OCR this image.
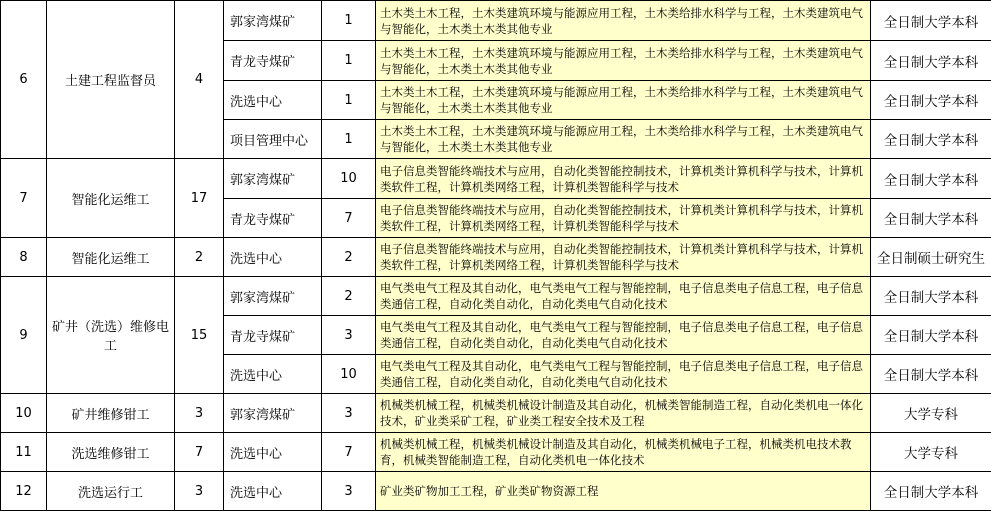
6	土建工程监督员	4	郭家湾煤矿	1	土木类土木工程，土木类建筑环境与能源应用工程，土木类给排水科学与工程，土木类建筑电气与智能化，土木类土木类其他专业	全日制大学本科
			青龙寺煤矿	1	土木类土木工程，土木类建筑环境与能源应用工程，土木类给排水科学与工程，土木类建筑电气与智能化，土木类土木类其他专业	全日制大学本科
			洗选中心	1	土木类土木工程，土木类建筑环境与能源应用工程，土木类给排水科学与工程，土木类建筑电气与智能化，土木类土木类其他专业	全日制大学本科
			项目管理中心	1	土木类土木工程，土木类建筑环境与能源应用工程，土木类给排水科学与工程，土木类建筑电气与智能化，土木类土木类其他专业	全日制大学本科
7	智能化运维工	17	郭家湾煤矿	10	电子信息类智能终端技术与应用，自动化类智能控制技术，计算机类计算机科学与技术，计算机类软件工程，计算机类网络工程，计算机类智能科学与技术	全日制大学本科
			青龙寺煤矿	7	电子信息类智能终端技术与应用，自动化类智能控制技术，计算机类计算机科学与技术，计算机类软件工程，计算机类网络工程，计算机类智能科学与技术	全日制大学本科
8	智能化运维工	2	洗选中心	2	电子信息类智能终端技术与应用，自动化类智能控制技术，计算机类计算机科学与技术，计算机类软件工程，计算机类网络工程，计算机类智能科学与技术	全日制硕士研究生
9	矿井（洗选）维修电工	15	郭家湾煤矿	2	电气类电气工程及其自动化，电气类电气工程与智能控制，电子信息类电子信息工程，电子信息类通信工程，自动化类自动化，自动化类电气自动化技术	全日制大学本科
			青龙寺煤矿	3	电气类电气工程及其自动化，电气类电气工程与智能控制，电子信息类电子信息工程，电子信息类通信工程，自动化类自动化，自动化类电气自动化技术	全日制大学本科
			洗选中心	10	电气类电气工程及其自动化，电气类电气工程与智能控制，电子信息类电子信息工程，电子信息类通信工程，自动化类自动化，自动化类电气自动化技术	全日制大学本科
10	矿井维修钳工	3	郭家湾煤矿	3	机械类机械工程，机械类机械设计制造及其自动化，机械类智能制造工程，自动化类机电一体化技术，矿业类采矿工程，矿业类工程安全技术及工程	大学专科
11	洗选维修钳工	7	洗选中心	7	机械类机械工程，机械类机械设计制造及其自动化，机械类机械电子工程，机械类机电技术教育，机械类智能制造工程，自动化类机电一体化技术	大学专科
12	洗选运行工	3	洗选中心	3	矿业类矿物加工工程，矿业类矿物资源工程	全日制大学本科
